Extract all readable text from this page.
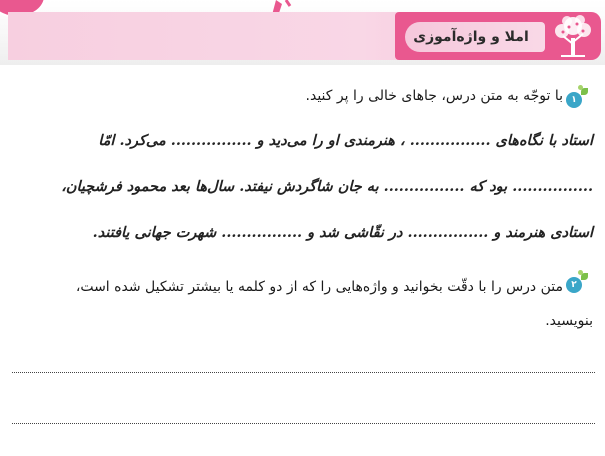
املا و واژه‌آموزی
۱
با توجّه به متن درس، جاهای خالی را پر کنید.
استاد با نگاه‌های ................ ، هنرمندی او را می‌دید و ................ می‌کرد. امّا
................ بود که ................ به جان شاگردش نیفتد. سال‌ها بعد محمود فرشچیان،
استادی هنرمند و ................ در نقّاشی شد و ................ شهرت جهانی یافتند.
۲
متن درس را با دقّت بخوانید و واژه‌هایی را که از دو کلمه یا بیشتر تشکیل شده است،
بنویسید.
